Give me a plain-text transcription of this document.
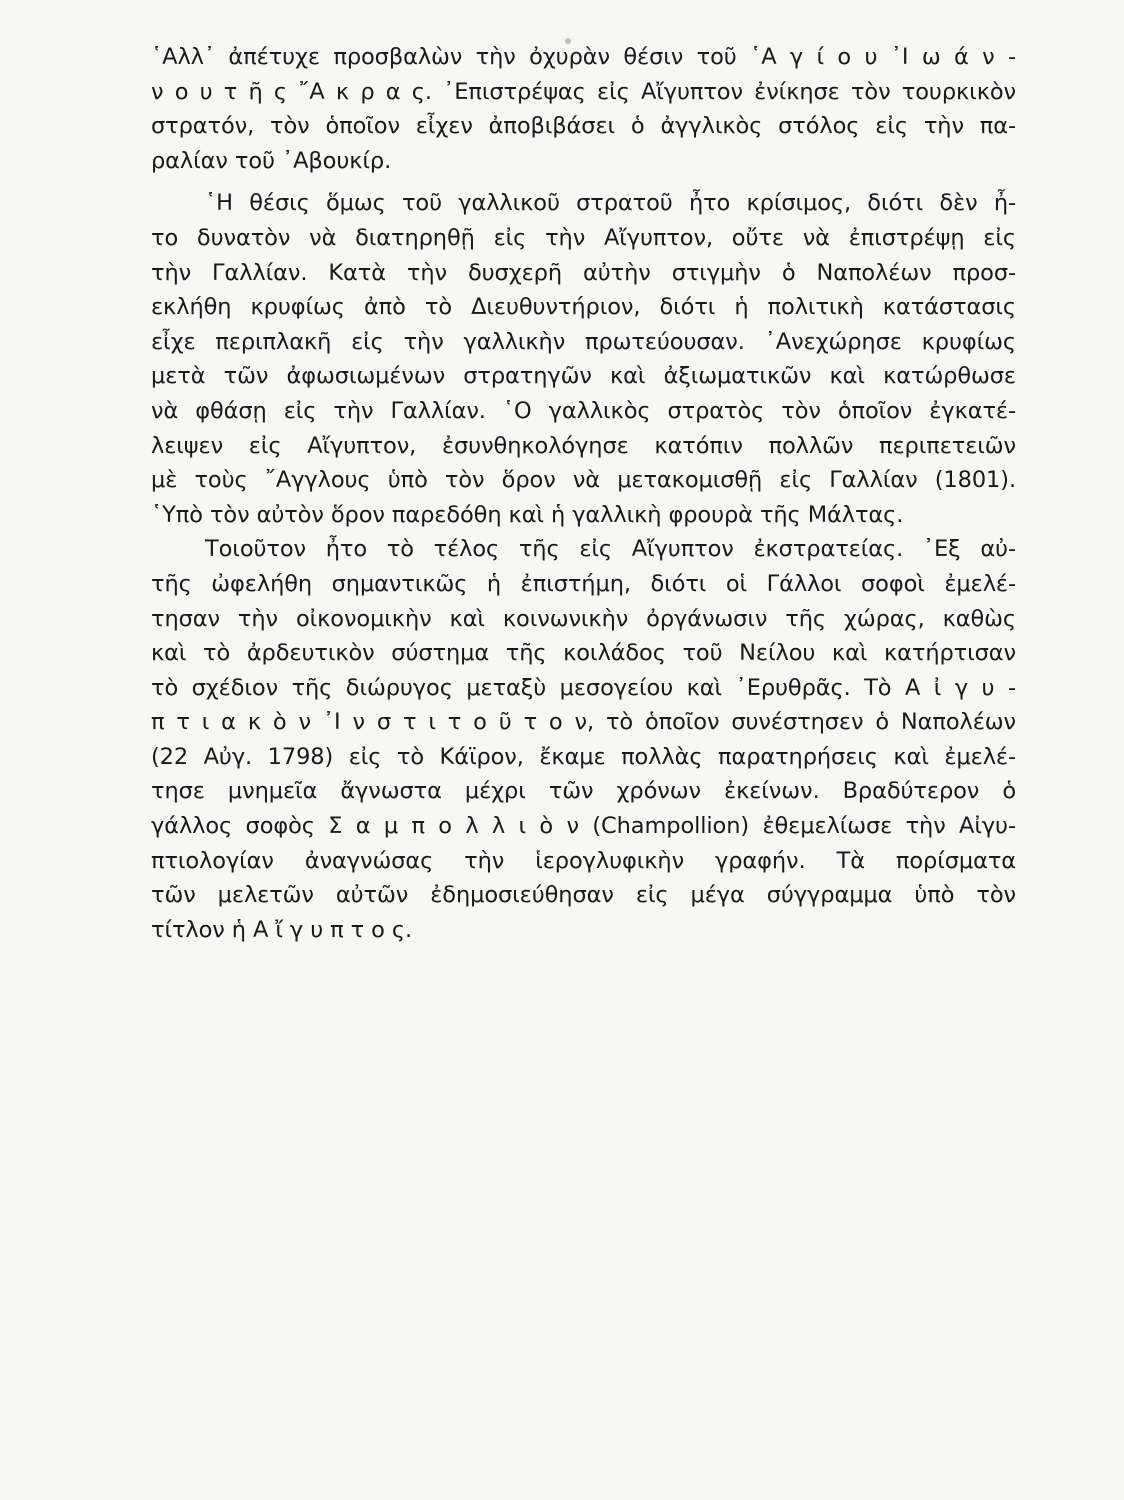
῾Αλλ᾽ ἀπέτυχε προσβαλὼν τὴν ὀχυρὰν θέσιν τοῦ ῾Α γ ί ο υ ᾽Ι ω ά ν -
ν ο υ τ ῆ ς ῎Α κ ρ α ς. ᾽Επιστρέψας εἰς Αἴγυπτον ἐνίκησε τὸν τουρκικὸν
στρατόν, τὸν ὁποῖον εἶχεν ἀποβιβάσει ὁ ἀγγλικὸς στόλος εἰς τὴν πα-
ραλίαν τοῦ ᾽Αβουκίρ.
῾Η θέσις ὅμως τοῦ γαλλικοῦ στρατοῦ ἦτο κρίσιμος, διότι δὲν ἦ-
το δυνατὸν νὰ διατηρηθῇ εἰς τὴν Αἴγυπτον, οὔτε νὰ ἐπιστρέψῃ εἰς
τὴν Γαλλίαν. Κατὰ τὴν δυσχερῆ αὐτὴν στιγμὴν ὁ Ναπολέων προσ-
εκλήθη κρυφίως ἀπὸ τὸ Διευθυντήριον, διότι ἡ πολιτικὴ κατάστασις
εἶχε περιπλακῆ εἰς τὴν γαλλικὴν πρωτεύουσαν. ᾽Ανεχώρησε κρυφίως
μετὰ τῶν ἀφωσιωμένων στρατηγῶν καὶ ἀξιωματικῶν καὶ κατώρθωσε
νὰ φθάσῃ εἰς τὴν Γαλλίαν. ῾Ο γαλλικὸς στρατὸς τὸν ὁποῖον ἐγκατέ-
λειψεν εἰς Αἴγυπτον, ἐσυνθηκολόγησε κατόπιν πολλῶν περιπετειῶν
μὲ τοὺς ῎Αγγλους ὑπὸ τὸν ὅρον νὰ μετακομισθῇ εἰς Γαλλίαν (1801).
῾Υπὸ τὸν αὐτὸν ὅρον παρεδόθη καὶ ἡ γαλλικὴ φρουρὰ τῆς Μάλτας.
Τοιοῦτον ἦτο τὸ τέλος τῆς εἰς Αἴγυπτον ἐκστρατείας. ᾽Εξ αὐ-
τῆς ὠφελήθη σημαντικῶς ἡ ἐπιστήμη, διότι οἱ Γάλλοι σοφοὶ ἐμελέ-
τησαν τὴν οἰκονομικὴν καὶ κοινωνικὴν ὀργάνωσιν τῆς χώρας, καθὼς
καὶ τὸ ἀρδευτικὸν σύστημα τῆς κοιλάδος τοῦ Νείλου καὶ κατήρτισαν
τὸ σχέδιον τῆς διώρυγος μεταξὺ μεσογείου καὶ ᾽Ερυθρᾶς. Τὸ Α ἰ γ υ -
π τ ι α κ ὸ ν ᾽Ι ν σ τ ι τ ο ῦ τ ο ν, τὸ ὁποῖον συνέστησεν ὁ Ναπολέων
(22 Αὐγ. 1798) εἰς τὸ Κάϊρον, ἔκαμε πολλὰς παρατηρήσεις καὶ ἐμελέ-
τησε μνημεῖα ἄγνωστα μέχρι τῶν χρόνων ἐκείνων. Βραδύτερον ὁ
γάλλος σοφὸς Σ α μ π ο λ λ ι ὸ ν (Champollion) ἐθεμελίωσε τὴν Αἰγυ-
πτιολογίαν ἀναγνώσας τὴν ἱερογλυφικὴν γραφήν. Τὰ πορίσματα
τῶν μελετῶν αὐτῶν ἐδημοσιεύθησαν εἰς μέγα σύγγραμμα ὑπὸ τὸν
τίτλον ἡ Α ἴ γ υ π τ ο ς.
